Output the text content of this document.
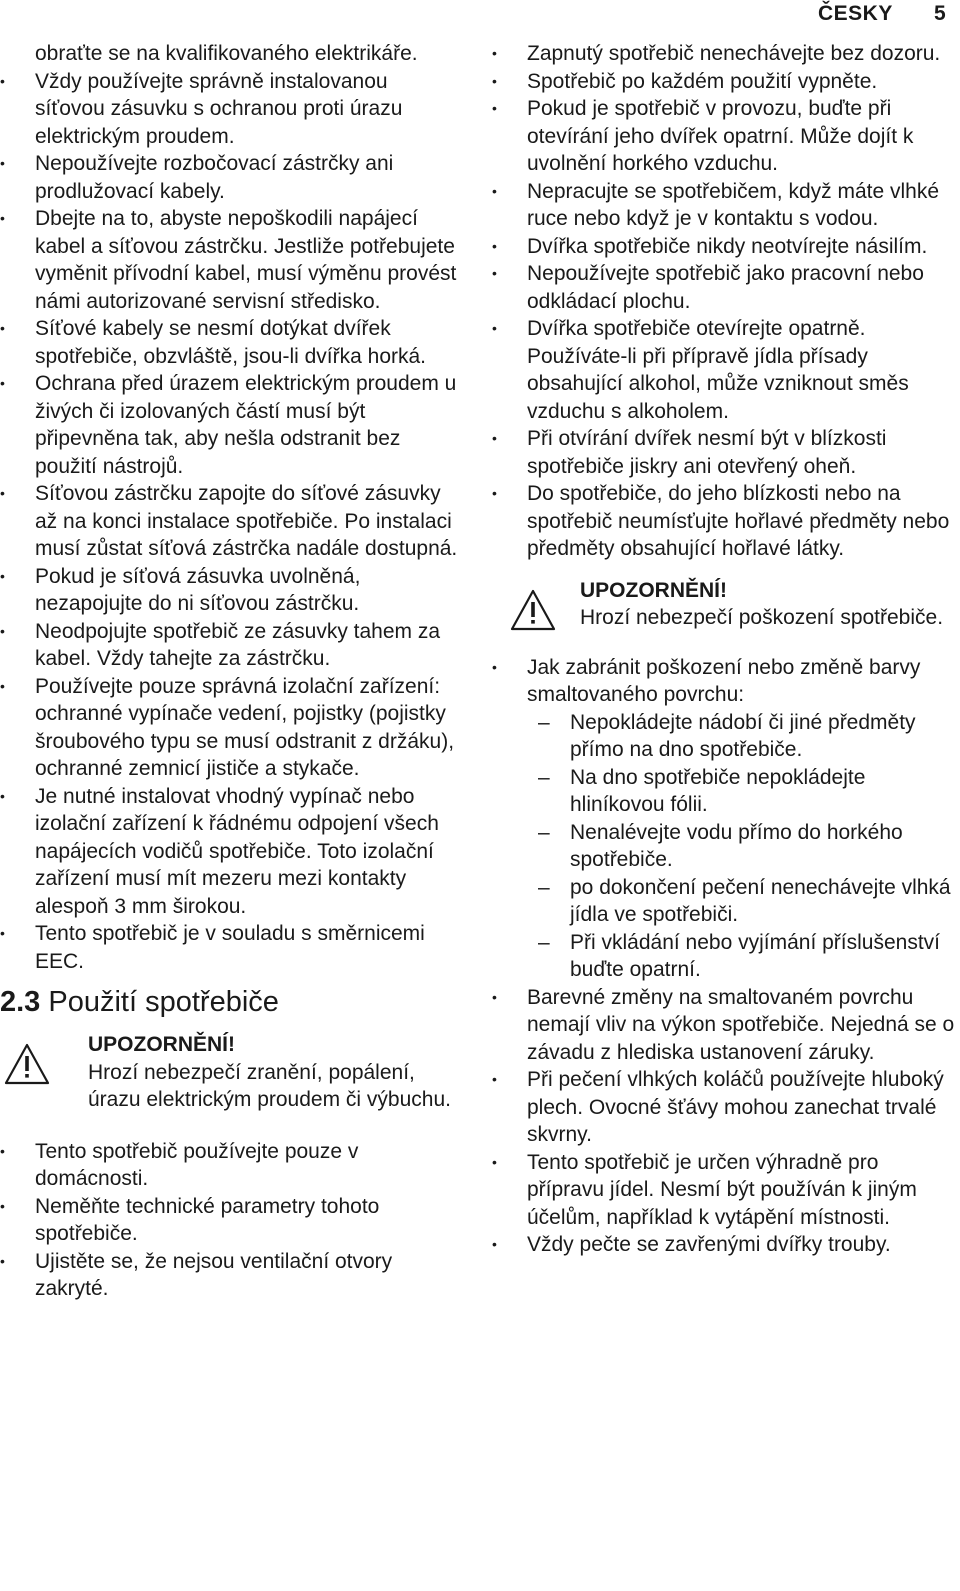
ČESKY 5
obraťte se na kvalifikovaného elektrikáře.
•	Vždy používejte správně instalovanou síťovou zásuvku s ochranou proti úrazu elektrickým proudem.
•	Nepoužívejte rozbočovací zástrčky ani prodlužovací kabely.
•	Dbejte na to, abyste nepoškodili napájecí kabel a síťovou zástrčku. Jestliže potřebujete vyměnit přívodní kabel, musí výměnu provést námi autorizované servisní středisko.
•	Síťové kabely se nesmí dotýkat dvířek spotřebiče, obzvláště, jsou-li dvířka horká.
•	Ochrana před úrazem elektrickým proudem u živých či izolovaných částí musí být připevněna tak, aby nešla odstranit bez použití nástrojů.
•	Síťovou zástrčku zapojte do síťové zásuvky až na konci instalace spotřebiče. Po instalaci musí zůstat síťová zástrčka nadále dostupná.
•	Pokud je síťová zásuvka uvolněná, nezapojujte do ni síťovou zástrčku.
•	Neodpojujte spotřebič ze zásuvky tahem za kabel. Vždy tahejte za zástrčku.
•	Používejte pouze správná izolační zařízení: ochranné vypínače vedení, pojistky (pojistky šroubového typu se musí odstranit z držáku), ochranné zemnicí jističe a stykače.
•	Je nutné instalovat vhodný vypínač nebo izolační zařízení k řádnému odpojení všech napájecích vodičů spotřebiče. Toto izolační zařízení musí mít mezeru mezi kontakty alespoň 3 mm širokou.
•	Tento spotřebič je v souladu s směrnicemi EEC.
2.3 Použití spotřebiče
UPOZORNĚNÍ!
Hrozí nebezpečí zranění, popálení, úrazu elektrickým proudem či výbuchu.
•	Tento spotřebič používejte pouze v domácnosti.
•	Neměňte technické parametry tohoto spotřebiče.
•	Ujistěte se, že nejsou ventilační otvory zakryté.
•	Zapnutý spotřebič nenechávejte bez dozoru.
•	Spotřebič po každém použití vypněte.
•	Pokud je spotřebič v provozu, buďte při otevírání jeho dvířek opatrní. Může dojít k uvolnění horkého vzduchu.
•	Nepracujte se spotřebičem, když máte vlhké ruce nebo když je v kontaktu s vodou.
•	Dvířka spotřebiče nikdy neotvírejte násilím.
•	Nepoužívejte spotřebič jako pracovní nebo odkládací plochu.
•	Dvířka spotřebiče otevírejte opatrně. Používáte-li při přípravě jídla přísady obsahující alkohol, může vzniknout směs vzduchu s alkoholem.
•	Při otvírání dvířek nesmí být v blízkosti spotřebiče jiskry ani otevřený oheň.
•	Do spotřebiče, do jeho blízkosti nebo na spotřebič neumísťujte hořlavé předměty nebo předměty obsahující hořlavé látky.
UPOZORNĚNÍ!
Hrozí nebezpečí poškození spotřebiče.
•	Jak zabránit poškození nebo změně barvy smaltovaného povrchu:
– Nepokládejte nádobí či jiné předměty přímo na dno spotřebiče.
– Na dno spotřebiče nepokládejte hliníkovou fólii.
– Nenalévejte vodu přímo do horkého spotřebiče.
– po dokončení pečení nenechávejte vlhká jídla ve spotřebiči.
– Při vkládání nebo vyjímání příslušenství buďte opatrní.
•	Barevné změny na smaltovaném povrchu nemají vliv na výkon spotřebiče. Nejedná se o závadu z hlediska ustanovení záruky.
•	Při pečení vlhkých koláčů používejte hluboký plech. Ovocné šťávy mohou zanechat trvalé skvrny.
•	Tento spotřebič je určen výhradně pro přípravu jídel. Nesmí být používán k jiným účelům, například k vytápění místnosti.
•	Vždy pečte se zavřenými dvířky trouby.
